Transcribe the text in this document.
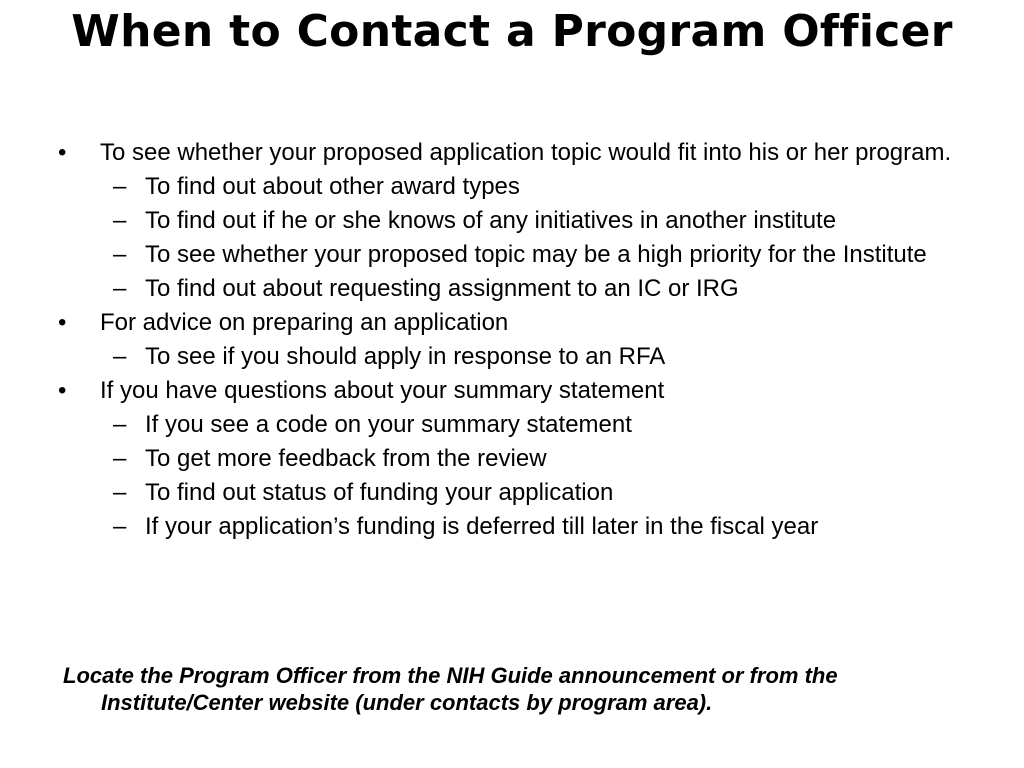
When to Contact a Program Officer
• To see whether your proposed application topic would fit into his or her program.
– To find out about other award types
– To find out if he or she knows of any initiatives in another institute
– To see whether your proposed topic may be a high priority for the Institute
– To find out about requesting assignment to an IC or IRG
• For advice on preparing an application
– To see if you should apply in response to an RFA
• If you have questions about your summary statement
– If you see a code on your summary statement
– To get more feedback from the review
– To find out status of funding your application
– If your application’s funding is deferred till later in the fiscal year

Locate the Program Officer from the NIH Guide announcement or from the Institute/Center website (under contacts by program area).
